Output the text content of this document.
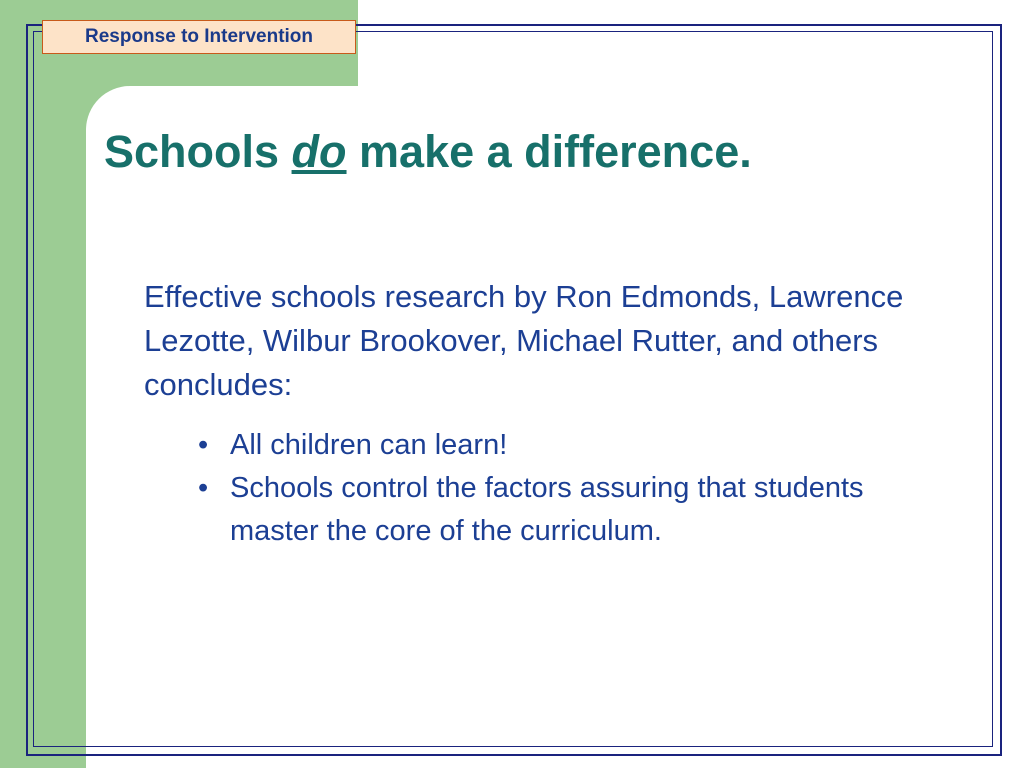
Response to Intervention
Schools do make a difference.

Effective schools research by Ron Edmonds, Lawrence Lezotte, Wilbur Brookover, Michael Rutter, and others concludes:

• All children can learn!
• Schools control the factors assuring that students master the core of the curriculum.
